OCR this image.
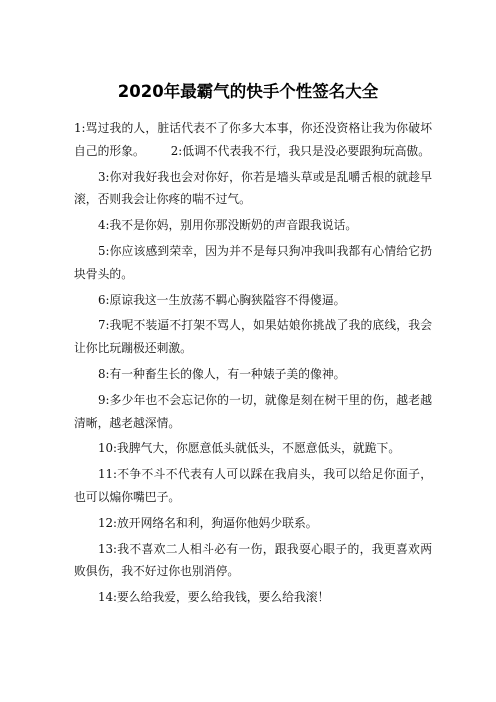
2020年最霸气的快手个性签名大全

1:骂过我的人，脏话代表不了你多大本事，你还没资格让我为你破坏自己的形象。 2:低调不代表我不行，我只是没必要跟狗玩高傲。

3:你对我好我也会对你好，你若是墙头草或是乱嚼舌根的就趁早滚，否则我会让你疼的喘不过气。

4:我不是你妈，别用你那没断奶的声音跟我说话。

5:你应该感到荣幸，因为并不是每只狗冲我叫我都有心情给它扔块骨头的。

6:原谅我这一生放荡不羁心胸狭隘容不得傻逼。

7:我呢不装逼不打架不骂人，如果姑娘你挑战了我的底线，我会让你比玩蹦极还刺激。

8:有一种畜生长的像人，有一种婊子美的像神。

9:多少年也不会忘记你的一切，就像是刻在树干里的伤，越老越清晰，越老越深情。

10:我脾气大，你愿意低头就低头，不愿意低头，就跪下。

11:不争不斗不代表有人可以踩在我肩头，我可以给足你面子，也可以煽你嘴巴子。

12:放开网络名和利，狗逼你他妈少联系。

13:我不喜欢二人相斗必有一伤，跟我耍心眼子的，我更喜欢两败俱伤，我不好过你也别消停。

14:要么给我爱，要么给我钱，要么给我滚！
